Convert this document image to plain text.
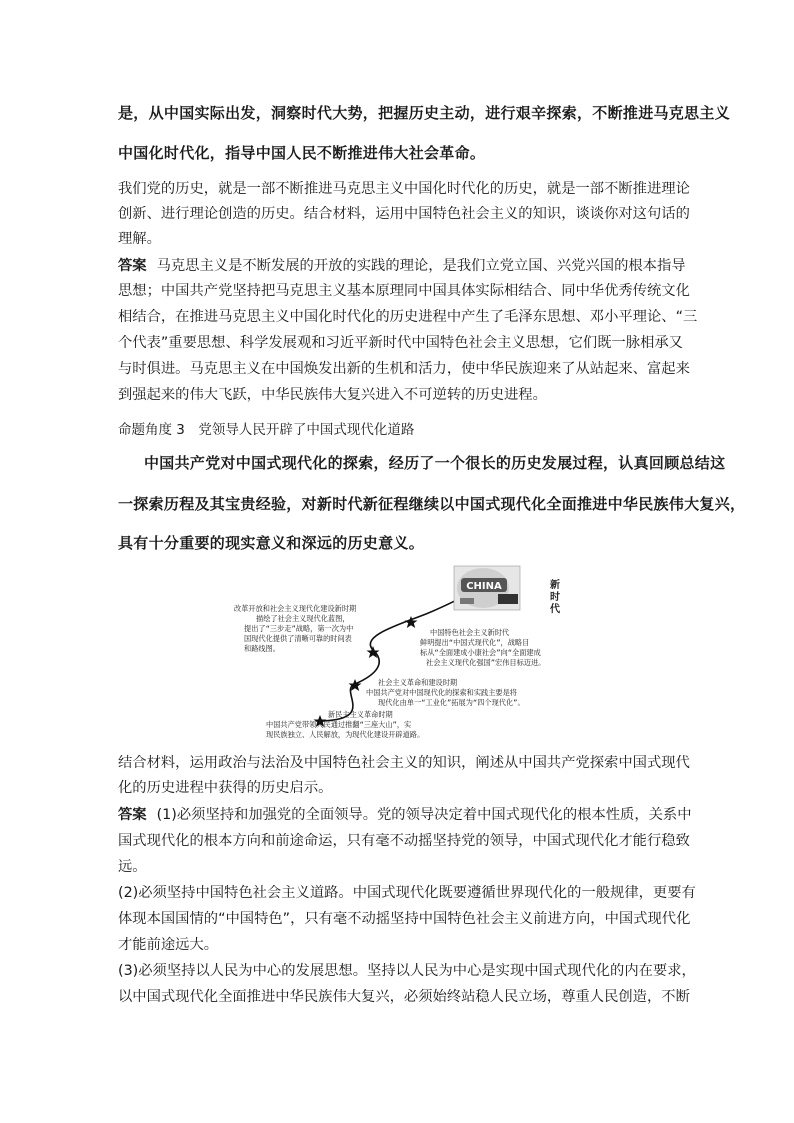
是，从中国实际出发，洞察时代大势，把握历史主动，进行艰辛探索，不断推进马克思主义
中国化时代化，指导中国人民不断推进伟大社会革命。
我们党的历史，就是一部不断推进马克思主义中国化时代化的历史，就是一部不断推进理论
创新、进行理论创造的历史。结合材料，运用中国特色社会主义的知识，谈谈你对这句话的
理解。
答案 马克思主义是不断发展的开放的实践的理论，是我们立党立国、兴党兴国的根本指导
思想；中国共产党坚持把马克思主义基本原理同中国具体实际相结合、同中华优秀传统文化
相结合，在推进马克思主义中国化时代化的历史进程中产生了毛泽东思想、邓小平理论、“三
个代表”重要思想、科学发展观和习近平新时代中国特色社会主义思想，它们既一脉相承又
与时俱进。马克思主义在中国焕发出新的生机和活力，使中华民族迎来了从站起来、富起来
到强起来的伟大飞跃，中华民族伟大复兴进入不可逆转的历史进程。
命题角度 3　党领导人民开辟了中国式现代化道路
中国共产党对中国式现代化的探索，经历了一个很长的历史发展过程，认真回顾总结这
一探索历程及其宝贵经验，对新时代新征程继续以中国式现代化全面推进中华民族伟大复兴，
具有十分重要的现实意义和深远的历史意义。
CHINA	新时代
改革开放和社会主义现代化建设新时期
描绘了社会主义现代化蓝图，
提出了“三步走”战略，第一次为中
国现代化提供了清晰可靠的时间表
和路线图。
中国特色社会主义新时代
鲜明提出“中国式现代化”，战略目
标从“全面建成小康社会”向“全面建成
社会主义现代化强国”宏伟目标迈进。
社会主义革命和建设时期
中国共产党对中国现代化的探索和实践主要是将
现代化由单一“工业化”拓展为“四个现代化”。
新民主主义革命时期
中国共产党带领人民通过推翻“三座大山”，实
现民族独立、人民解放，为现代化建设开辟道路。
结合材料，运用政治与法治及中国特色社会主义的知识，阐述从中国共产党探索中国式现代
化的历史进程中获得的历史启示。
答案 (1)必须坚持和加强党的全面领导。党的领导决定着中国式现代化的根本性质，关系中
国式现代化的根本方向和前途命运，只有毫不动摇坚持党的领导，中国式现代化才能行稳致
远。
(2)必须坚持中国特色社会主义道路。中国式现代化既要遵循世界现代化的一般规律，更要有
体现本国国情的“中国特色”，只有毫不动摇坚持中国特色社会主义前进方向，中国式现代化
才能前途远大。
(3)必须坚持以人民为中心的发展思想。坚持以人民为中心是实现中国式现代化的内在要求，
以中国式现代化全面推进中华民族伟大复兴，必须始终站稳人民立场，尊重人民创造，不断
